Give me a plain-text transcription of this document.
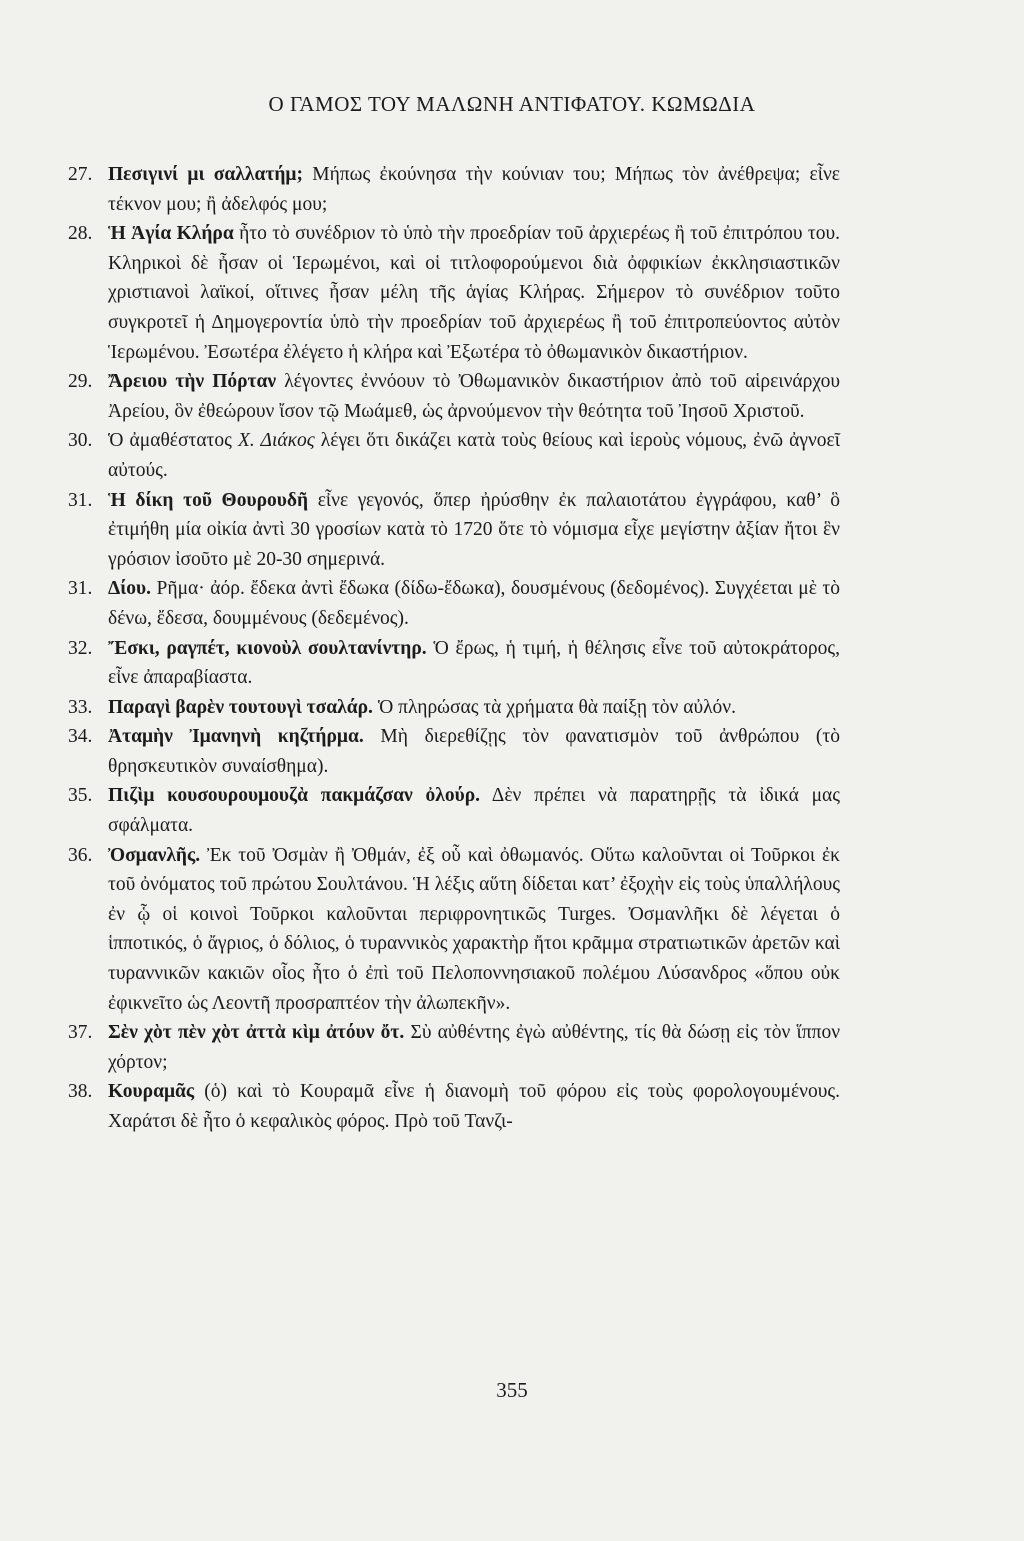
Ο ΓΑΜΟΣ ΤΟΥ ΜΑΛΩΝΗ ΑΝΤΙΦΑΤΟΥ. ΚΩΜΩΔΙΑ
27. Πεσιγινί μι σαλλατήμ; Μήπως ἐκούνησα τὴν κούνιαν του; Μήπως τὸν ἀνέθρεψα; εἶνε τέκνον μου; ἢ ἀδελφός μου;
28. Ἡ Ἁγία Κλήρα ἦτο τὸ συνέδριον τὸ ὑπὸ τὴν προεδρίαν τοῦ ἀρχιερέως ἢ τοῦ ἐπιτρόπου του. Κληρικοὶ δὲ ἦσαν οἱ Ἱερωμένοι, καὶ οἱ τιτλοφορούμενοι διὰ ὀφφικίων ἐκκλησιαστικῶν χριστιανοὶ λαϊκοί, οἵτινες ἦσαν μέλη τῆς ἁγίας Κλήρας. Σήμερον τὸ συνέδριον τοῦτο συγκροτεῖ ἡ Δημογεροντία ὑπὸ τὴν προεδρίαν τοῦ ἀρχιερέως ἢ τοῦ ἐπιτροπεύοντος αὐτὸν Ἱερωμένου. Ἐσωτέρα ἐλέγετο ἡ κλήρα καὶ Ἐξωτέρα τὸ ὀθωμανικὸν δικαστήριον.
29. Ἄρειου τὴν Πόρταν λέγοντες ἐννόουν τὸ Ὀθωμανικὸν δικαστήριον ἀπὸ τοῦ αἱρεινάρχου Ἀρείου, ὃν ἐθεώρουν ἴσον τῷ Μωάμεθ, ὡς ἀρνούμενον τὴν θεότητα τοῦ Ἰησοῦ Χριστοῦ.
30. Ὁ ἀμαθέστατος Χ. Διάκος λέγει ὅτι δικάζει κατὰ τοὺς θείους καὶ ἱεροὺς νόμους, ἐνῶ ἀγνοεῖ αὐτούς.
31. Ἡ δίκη τοῦ Θουρουδῆ εἶνε γεγονός, ὅπερ ἠρύσθην ἐκ παλαιοτάτου ἐγγράφου, καθ’ ὃ ἐτιμήθη μία οἰκία ἀντὶ 30 γροσίων κατὰ τὸ 1720 ὅτε τὸ νόμισμα εἶχε μεγίστην ἀξίαν ἤτοι ἓν γρόσιον ἰσοῦτο μὲ 20-30 σημερινά.
31. Δίου. Ρῆμα· ἀόρ. ἔδεκα ἀντὶ ἔδωκα (δίδω-ἔδωκα), δουσμένους (δεδομένος). Συγχέεται μὲ τὸ δένω, ἔδεσα, δουμμένους (δεδεμένος).
32. Ἔσκι, ραγπέτ, κιονοὺλ σουλτανίντηρ. Ὁ ἔρως, ἡ τιμή, ἡ θέλησις εἶνε τοῦ αὐτοκράτορος, εἶνε ἀπαραβίαστα.
33. Παραγὶ βαρὲν τουτουγὶ τσαλάρ. Ὁ πληρώσας τὰ χρήματα θὰ παίξῃ τὸν αὐλόν.
34. Ἀταμὴν Ἰμανηνὴ κηζτήρμα. Μὴ διερεθίζῃς τὸν φανατισμὸν τοῦ ἀνθρώπου (τὸ θρησκευτικὸν συναίσθημα).
35. Πιζὶμ κουσουρουμουζὰ πακμάζσαν ὀλούρ. Δὲν πρέπει νὰ παρατηρῇς τὰ ἰδικά μας σφάλματα.
36. Ὀσμανλῆς. Ἐκ τοῦ Ὀσμὰν ἢ Ὀθμάν, ἐξ οὗ καὶ ὀθωμανός. Οὕτω καλοῦνται οἱ Τοῦρκοι ἐκ τοῦ ὀνόματος τοῦ πρώτου Σουλτάνου. Ἡ λέξις αὕτη δίδεται κατ’ ἐξοχὴν εἰς τοὺς ὑπαλλήλους ἐν ᾧ οἱ κοινοὶ Τοῦρκοι καλοῦνται περιφρονητικῶς Turges. Ὀσμανλῆκι δὲ λέγεται ὁ ἱπποτικός, ὁ ἄγριος, ὁ δόλιος, ὁ τυραννικὸς χαρακτὴρ ἤτοι κρᾶμμα στρατιωτικῶν ἀρετῶν καὶ τυραννικῶν κακιῶν οἷος ἦτο ὁ ἐπὶ τοῦ Πελοποννησιακοῦ πολέμου Λύσανδρος «ὅπου οὐκ ἐφικνεῖτο ὡς Λεοντῆ προσραπτέον τὴν ἀλωπεκῆν».
37. Σὲν χὸτ πὲν χὸτ ἀττὰ κὶμ ἀτόυν ὄτ. Σὺ αὐθέντης ἐγὼ αὐθέντης, τίς θὰ δώσῃ εἰς τὸν ἵππον χόρτον;
38. Κουραμᾶς (ὁ) καὶ τὸ Κουραμᾶ εἶνε ἡ διανομὴ τοῦ φόρου εἰς τοὺς φορολογουμένους. Χαράτσι δὲ ἦτο ὁ κεφαλικὸς φόρος. Πρὸ τοῦ Τανζι-
355
